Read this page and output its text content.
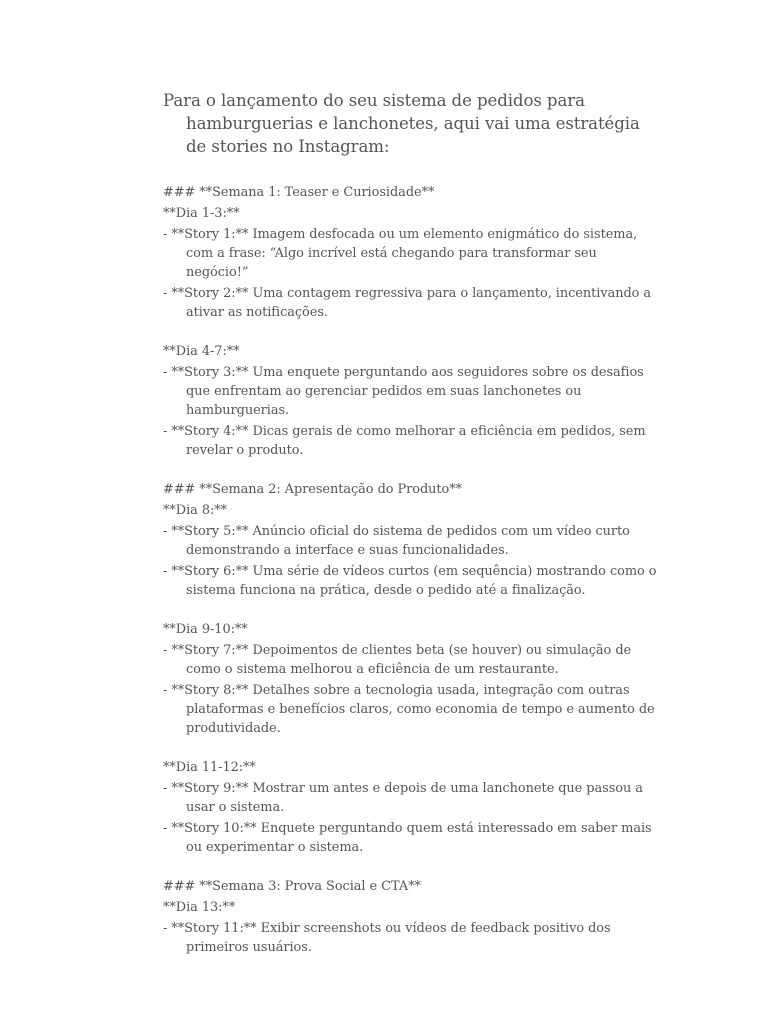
Para o lançamento do seu sistema de pedidos para hamburguerias e lanchonetes, aqui vai uma estratégia de stories no Instagram:

### **Semana 1: Teaser e Curiosidade**

**Dia 1-3:**

- **Story 1:** Imagem desfocada ou um elemento enigmático do sistema, com a frase: “Algo incrível está chegando para transformar seu negócio!”

- **Story 2:** Uma contagem regressiva para o lançamento, incentivando a ativar as notificações.

**Dia 4-7:**

- **Story 3:** Uma enquete perguntando aos seguidores sobre os desafios que enfrentam ao gerenciar pedidos em suas lanchonetes ou hamburguerias.

- **Story 4:** Dicas gerais de como melhorar a eficiência em pedidos, sem revelar o produto.

### **Semana 2: Apresentação do Produto**

**Dia 8:**

- **Story 5:** Anúncio oficial do sistema de pedidos com um vídeo curto demonstrando a interface e suas funcionalidades.

- **Story 6:** Uma série de vídeos curtos (em sequência) mostrando como o sistema funciona na prática, desde o pedido até a finalização.

**Dia 9-10:**

- **Story 7:** Depoimentos de clientes beta (se houver) ou simulação de como o sistema melhorou a eficiência de um restaurante.

- **Story 8:** Detalhes sobre a tecnologia usada, integração com outras plataformas e benefícios claros, como economia de tempo e aumento de produtividade.

**Dia 11-12:**

- **Story 9:** Mostrar um antes e depois de uma lanchonete que passou a usar o sistema.

- **Story 10:** Enquete perguntando quem está interessado em saber mais ou experimentar o sistema.

### **Semana 3: Prova Social e CTA**

**Dia 13:**

- **Story 11:** Exibir screenshots ou vídeos de feedback positivo dos primeiros usuários.
